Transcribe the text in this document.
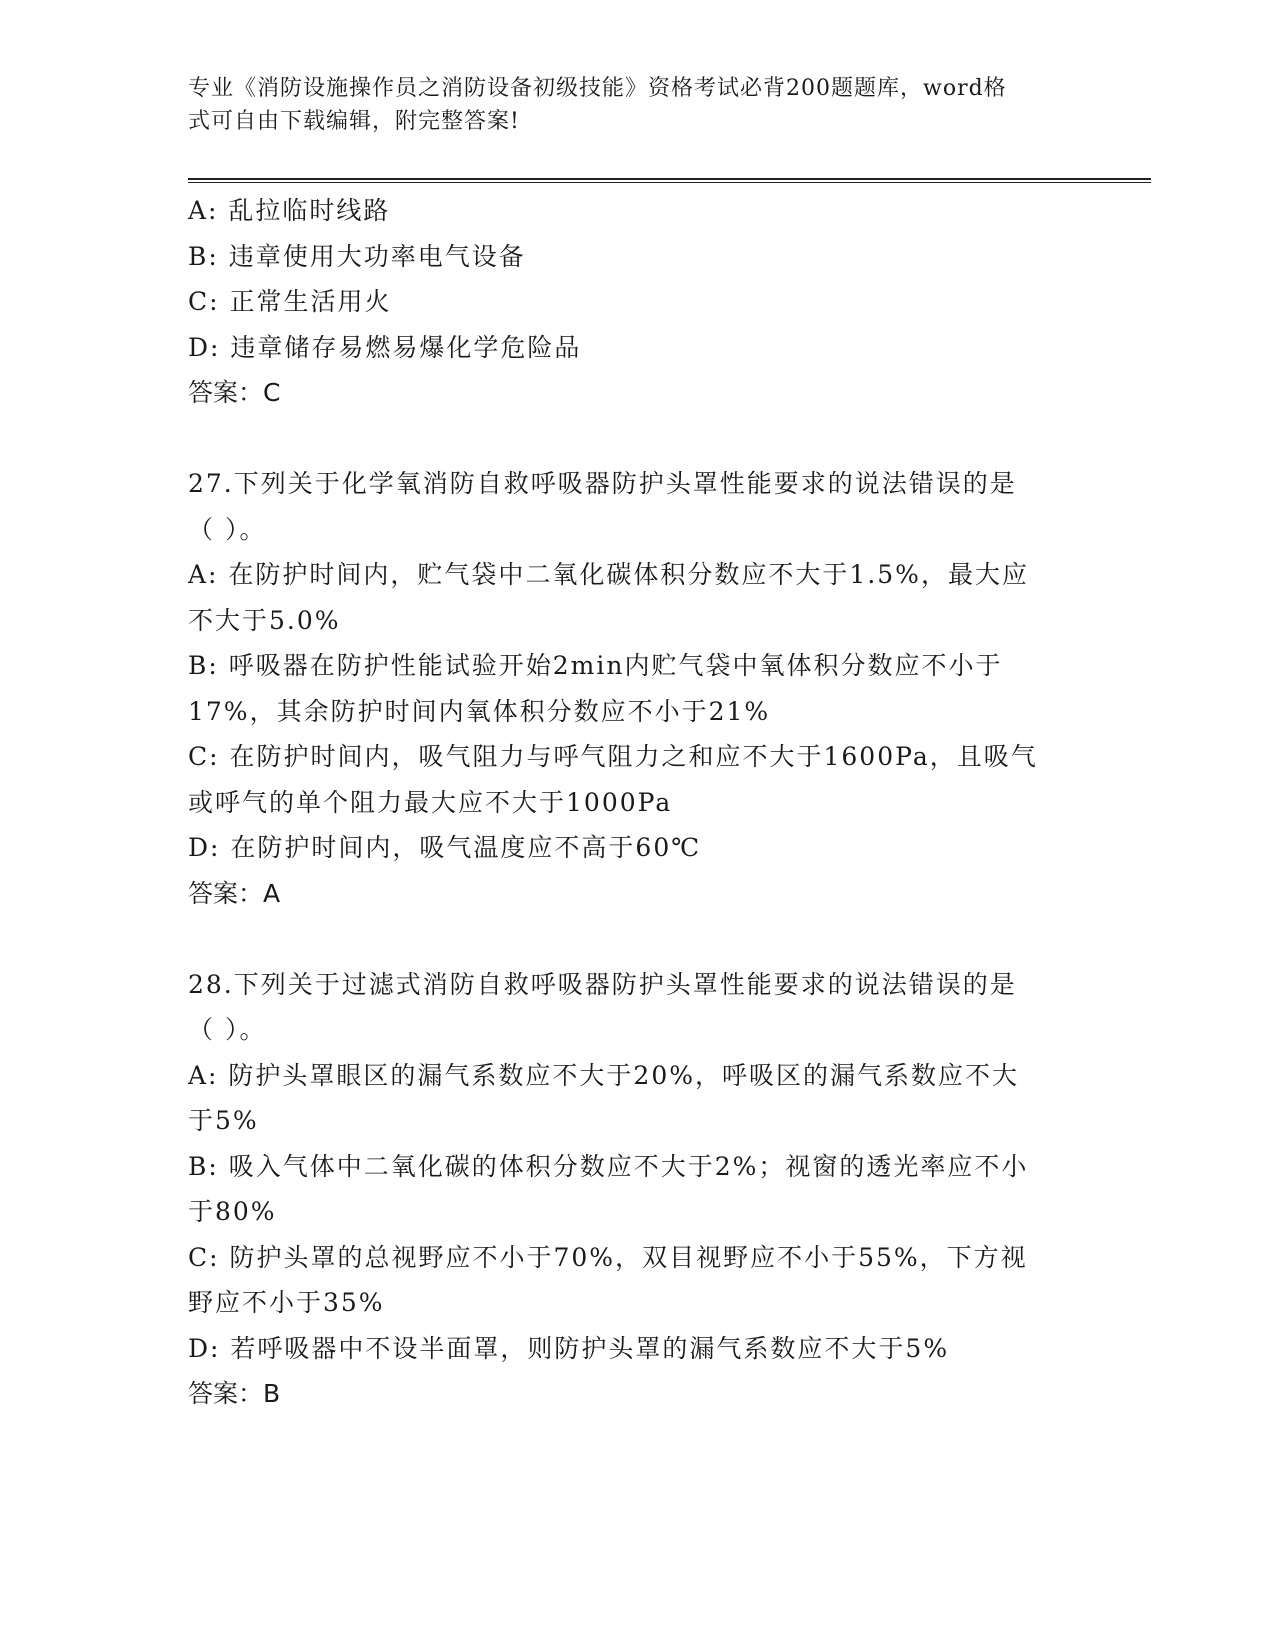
专业《消防设施操作员之消防设备初级技能》资格考试必背200题题库，word格
式可自由下载编辑，附完整答案!
A: 乱拉临时线路
B: 违章使用大功率电气设备
C: 正常生活用火
D: 违章储存易燃易爆化学危险品
答案：C
27.下列关于化学氧消防自救呼吸器防护头罩性能要求的说法错误的是
（ ）。
A: 在防护时间内，贮气袋中二氧化碳体积分数应不大于1.5%，最大应
不大于5.0%
B: 呼吸器在防护性能试验开始2min内贮气袋中氧体积分数应不小于
17%，其余防护时间内氧体积分数应不小于21%
C: 在防护时间内，吸气阻力与呼气阻力之和应不大于1600Pa，且吸气
或呼气的单个阻力最大应不大于1000Pa
D: 在防护时间内，吸气温度应不高于60℃
答案：A
28.下列关于过滤式消防自救呼吸器防护头罩性能要求的说法错误的是
（ ）。
A: 防护头罩眼区的漏气系数应不大于20%，呼吸区的漏气系数应不大
于5%
B: 吸入气体中二氧化碳的体积分数应不大于2%；视窗的透光率应不小
于80%
C: 防护头罩的总视野应不小于70%，双目视野应不小于55%，下方视
野应不小于35%
D: 若呼吸器中不设半面罩，则防护头罩的漏气系数应不大于5%
答案：B
